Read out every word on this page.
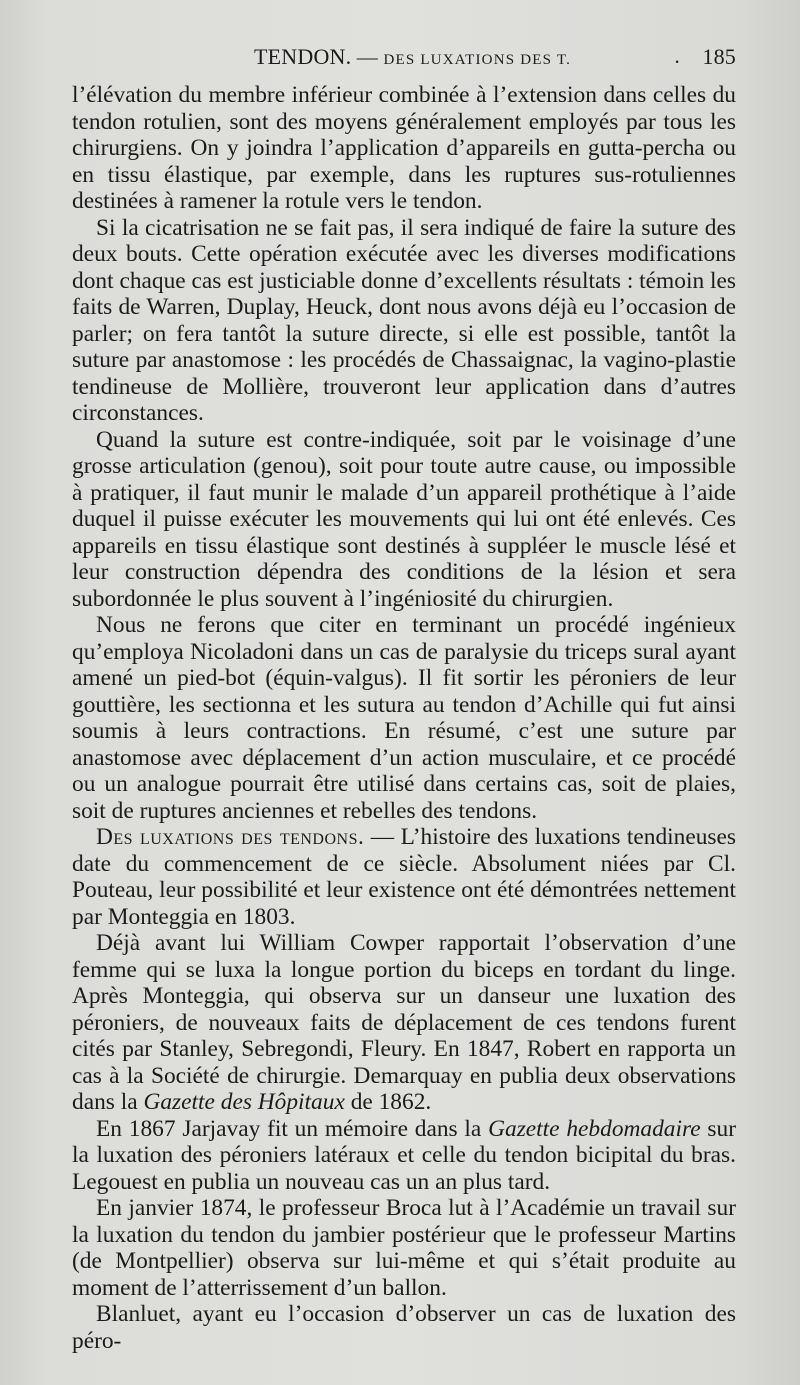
TENDON. — DES LUXATIONS DES T.	. 185

l’élévation du membre inférieur combinée à l’extension dans celles du tendon rotulien, sont des moyens généralement employés par tous les chirurgiens. On y joindra l’application d’appareils en gutta-percha ou en tissu élastique, par exemple, dans les ruptures sus-rotuliennes destinées à ramener la rotule vers le tendon.

Si la cicatrisation ne se fait pas, il sera indiqué de faire la suture des deux bouts. Cette opération exécutée avec les diverses modifications dont chaque cas est justiciable donne d’excellents résultats : témoin les faits de Warren, Duplay, Heuck, dont nous avons déjà eu l’occasion de parler; on fera tantôt la suture directe, si elle est possible, tantôt la suture par anastomose : les procédés de Chassaignac, la vagino-plastie tendineuse de Mollière, trouveront leur application dans d’autres circonstances.

Quand la suture est contre-indiquée, soit par le voisinage d’une grosse articulation (genou), soit pour toute autre cause, ou impossible à pratiquer, il faut munir le malade d’un appareil prothétique à l’aide duquel il puisse exécuter les mouvements qui lui ont été enlevés. Ces appareils en tissu élastique sont destinés à suppléer le muscle lésé et leur construction dépendra des conditions de la lésion et sera subordonnée le plus souvent à l’ingéniosité du chirurgien.

Nous ne ferons que citer en terminant un procédé ingénieux qu’employa Nicoladoni dans un cas de paralysie du triceps sural ayant amené un pied-bot (équin-valgus). Il fit sortir les péroniers de leur gouttière, les sectionna et les sutura au tendon d’Achille qui fut ainsi soumis à leurs contractions. En résumé, c’est une suture par anastomose avec déplacement d’un action musculaire, et ce procédé ou un analogue pourrait être utilisé dans certains cas, soit de plaies, soit de ruptures anciennes et rebelles des tendons.

Des luxations des tendons. — L’histoire des luxations tendineuses date du commencement de ce siècle. Absolument niées par Cl. Pouteau, leur possibilité et leur existence ont été démontrées nettement par Monteggia en 1803.

Déjà avant lui William Cowper rapportait l’observation d’une femme qui se luxa la longue portion du biceps en tordant du linge. Après Monteggia, qui observa sur un danseur une luxation des péroniers, de nouveaux faits de déplacement de ces tendons furent cités par Stanley, Sebregondi, Fleury. En 1847, Robert en rapporta un cas à la Société de chirurgie. Demarquay en publia deux observations dans la Gazette des Hôpitaux de 1862.

En 1867 Jarjavay fit un mémoire dans la Gazette hebdomadaire sur la luxation des péroniers latéraux et celle du tendon bicipital du bras. Legouest en publia un nouveau cas un an plus tard.

En janvier 1874, le professeur Broca lut à l’Académie un travail sur la luxation du tendon du jambier postérieur que le professeur Martins (de Montpellier) observa sur lui-même et qui s’était produite au moment de l’atterrissement d’un ballon.

Blanluet, ayant eu l’occasion d’observer un cas de luxation des péro-
